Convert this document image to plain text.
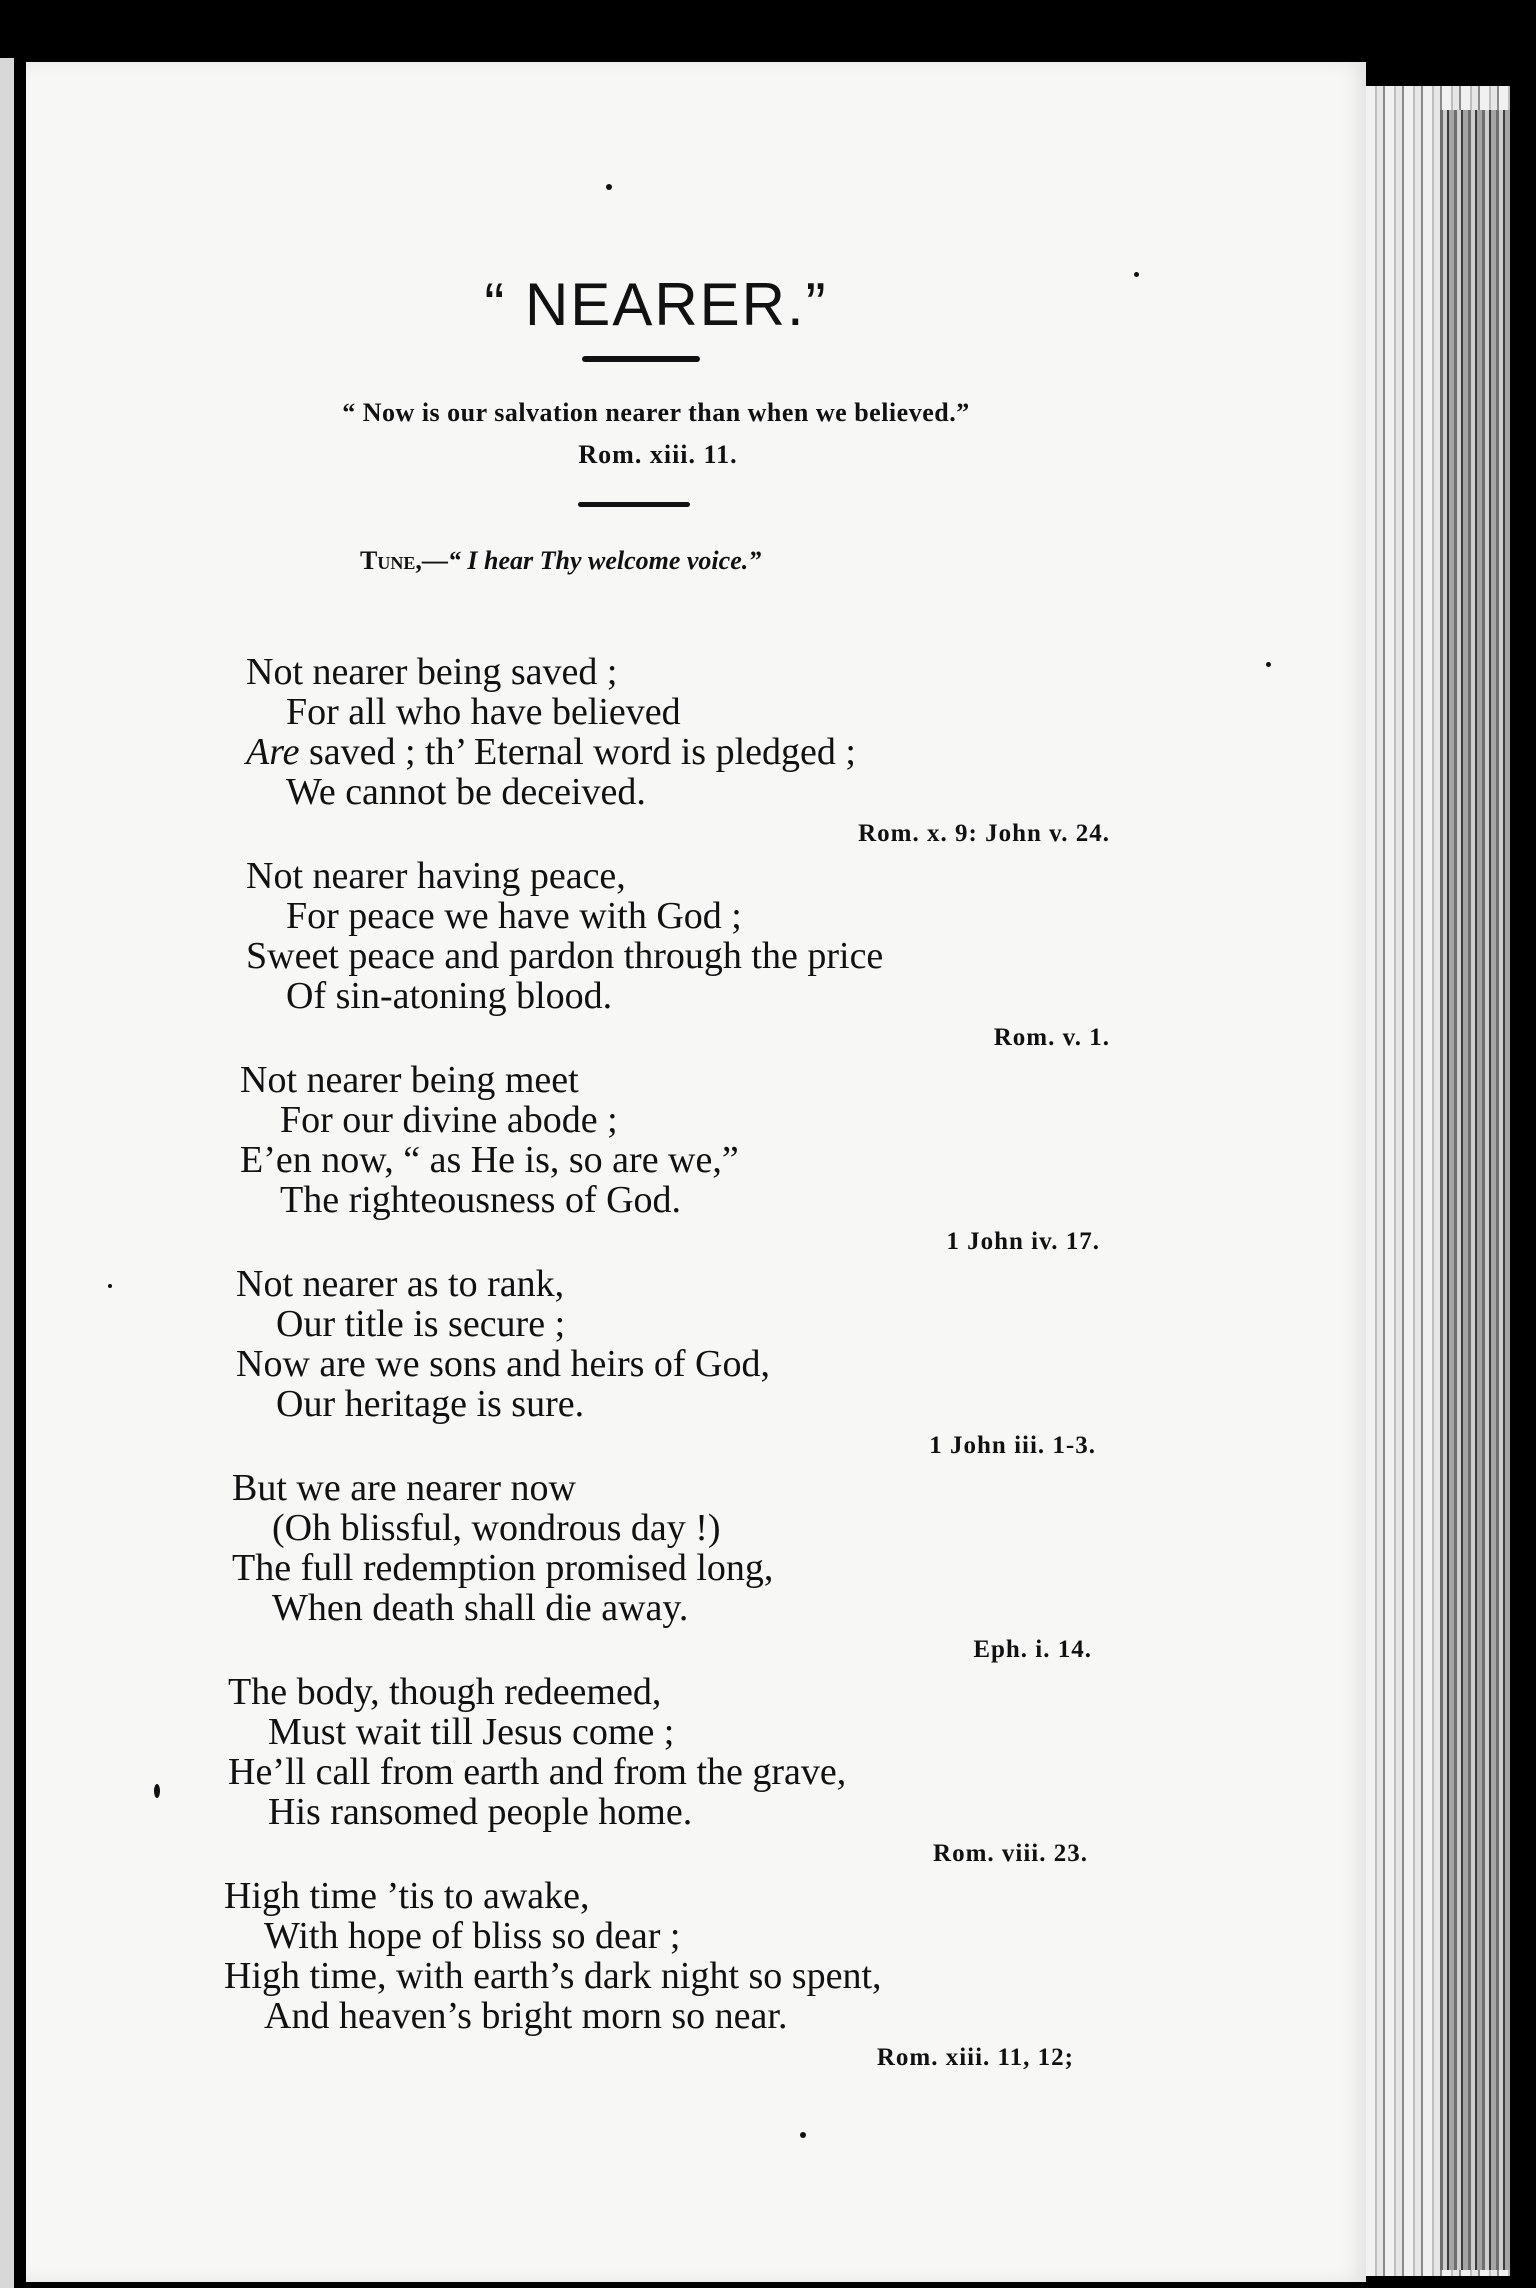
“ NEARER.”
“ Now is our salvation nearer than when we believed.”
Rom. xiii. 11.
Tune,—“ I hear Thy welcome voice.”
Not nearer being saved ;
For all who have believed
Are saved ; th’ Eternal word is pledged ;
We cannot be deceived.
Rom. x. 9: John v. 24.
Not nearer having peace,
For peace we have with God ;
Sweet peace and pardon through the price
Of sin-atoning blood.
Rom. v. 1.
Not nearer being meet
For our divine abode ;
E’en now, “ as He is, so are we,”
The righteousness of God.
1 John iv. 17.
Not nearer as to rank,
Our title is secure ;
Now are we sons and heirs of God,
Our heritage is sure.
1 John iii. 1-3.
But we are nearer now
(Oh blissful, wondrous day !)
The full redemption promised long,
When death shall die away.
Eph. i. 14.
The body, though redeemed,
Must wait till Jesus come ;
He’ll call from earth and from the grave,
His ransomed people home.
Rom. viii. 23.
High time ’tis to awake,
With hope of bliss so dear ;
High time, with earth’s dark night so spent,
And heaven’s bright morn so near.
Rom. xiii. 11, 12;
